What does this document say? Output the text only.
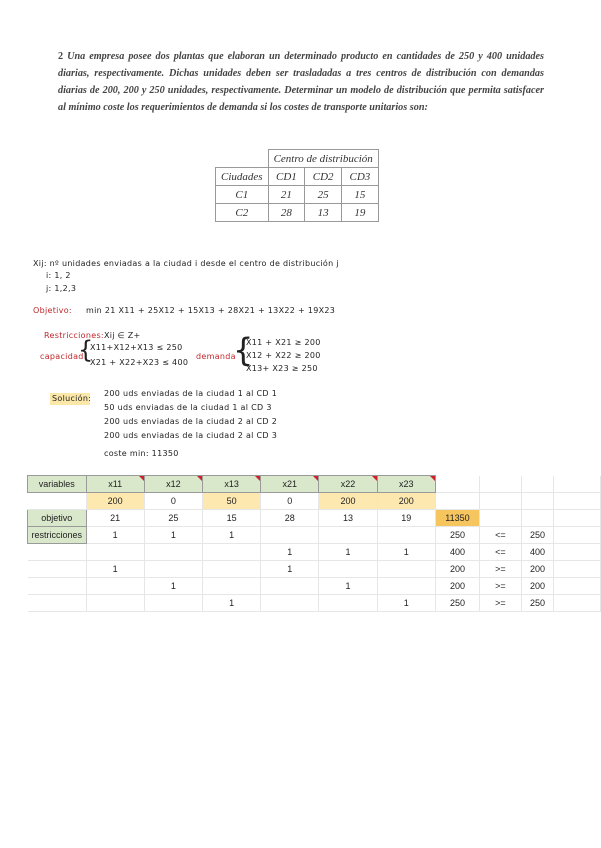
2 Una empresa posee dos plantas que elaboran un determinado producto en cantidades de 250 y 400 unidades diarias, respectivamente. Dichas unidades deben ser trasladadas a tres centros de distribución con demandas diarias de 200, 200 y 250 unidades, respectivamente. Determinar un modelo de distribución que permita satisfacer al mínimo coste los requerimientos de demanda si los costes de transporte unitarios son:
	Centro de distribución		
Ciudades	CD1	CD2	CD3
C1	21	25	15
C2	28	13	19
Xij: nº unidades enviadas a la ciudad i desde el centro de distribución j
i: 1, 2
j: 1,2,3
Objetivo: min 21 X11 + 25X12 + 15X13 + 28X21 + 13X22 + 19X23
Restricciones: Xij ∈ Z+
capacidad
{
X11+X12+X13 ≤ 250
X21 + X22+X23 ≤ 400
demanda
{
X11 + X21 ≥ 200
X12 + X22 ≥ 200
X13+ X23 ≥ 250
Solución:
200 uds enviadas de la ciudad 1 al CD 1
50 uds enviadas de la ciudad 1 al CD 3
200 uds enviadas de la ciudad 2 al CD 2
200 uds enviadas de la ciudad 2 al CD 3
coste min: 11350
variables	x11	x12	x13	x21	x22	x23

	200	0	50	0	200	200				
objetivo	21	25	15	28	13	19	11350			
restricciones	1	1	1				250	<=	250	
				1	1	1	400	<=	400	
	1			1			200	>=	200	
		1			1		200	>=	200	
			1			1	250	>=	250	
